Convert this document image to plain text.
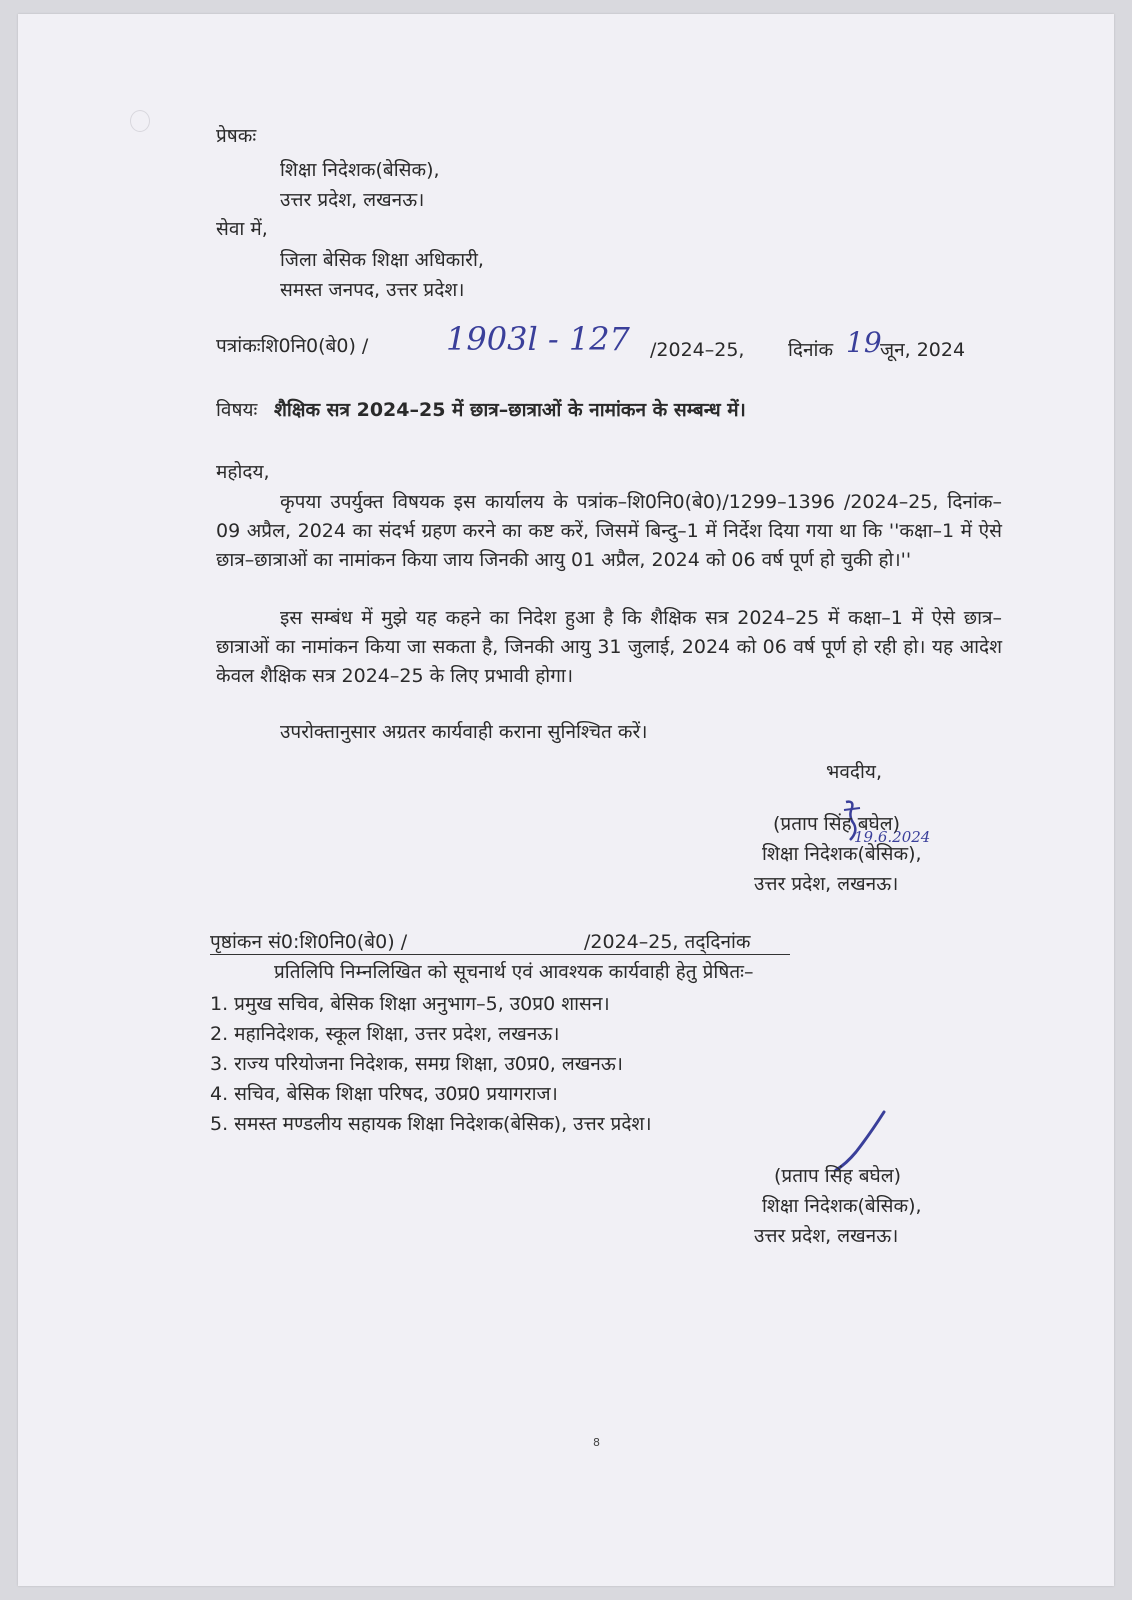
प्रेषकः
शिक्षा निदेशक(बेसिक),
उत्तर प्रदेश, लखनऊ।
सेवा में,
जिला बेसिक शिक्षा अधिकारी,
समस्त जनपद, उत्तर प्रदेश।
पत्रांकःशि0नि0(बे0) / 1903l - 127 /2024–25, दिनांक 19
जून, 2024
विषयः शैक्षिक सत्र 2024–25 में छात्र–छात्राओं के नामांकन के सम्बन्ध में।
महोदय,
कृपया उपर्युक्त विषयक इस कार्यालय के पत्रांक–शि0नि0(बे0)/1299–1396 /2024–25, दिनांक–09 अप्रैल, 2024 का संदर्भ ग्रहण करने का कष्ट करें, जिसमें बिन्दु–1 में निर्देश दिया गया था कि ''कक्षा–1 में ऐसे छात्र–छात्राओं का नामांकन किया जाय जिनकी आयु 01 अप्रैल, 2024 को 06 वर्ष पूर्ण हो चुकी हो।''
इस सम्बंध में मुझे यह कहने का निदेश हुआ है कि शैक्षिक सत्र 2024–25 में कक्षा–1 में ऐसे छात्र–छात्राओं का नामांकन किया जा सकता है, जिनकी आयु 31 जुलाई, 2024 को 06 वर्ष पूर्ण हो रही हो। यह आदेश केवल शैक्षिक सत्र 2024–25 के लिए प्रभावी होगा।
उपरोक्तानुसार अग्रतर कार्यवाही कराना सुनिश्चित करें।
भवदीय,
19.6.2024
(प्रताप सिंह बघेल)
शिक्षा निदेशक(बेसिक),
उत्तर प्रदेश, लखनऊ।
पृष्ठांकन सं0:शि0नि0(बे0) /	/2024–25, तद्‌दिनांक
प्रतिलिपि निम्नलिखित को सूचनार्थ एवं आवश्यक कार्यवाही हेतु प्रेषितः–
1. प्रमुख सचिव, बेसिक शिक्षा अनुभाग–5, उ0प्र0 शासन।
2. महानिदेशक, स्कूल शिक्षा, उत्तर प्रदेश, लखनऊ।
3. राज्य परियोजना निदेशक, समग्र शिक्षा, उ0प्र0, लखनऊ।
4. सचिव, बेसिक शिक्षा परिषद, उ0प्र0 प्रयागराज।
5. समस्त मण्डलीय सहायक शिक्षा निदेशक(बेसिक), उत्तर प्रदेश।
(प्रताप सिंह बघेल)
शिक्षा निदेशक(बेसिक),
उत्तर प्रदेश, लखनऊ।
8
